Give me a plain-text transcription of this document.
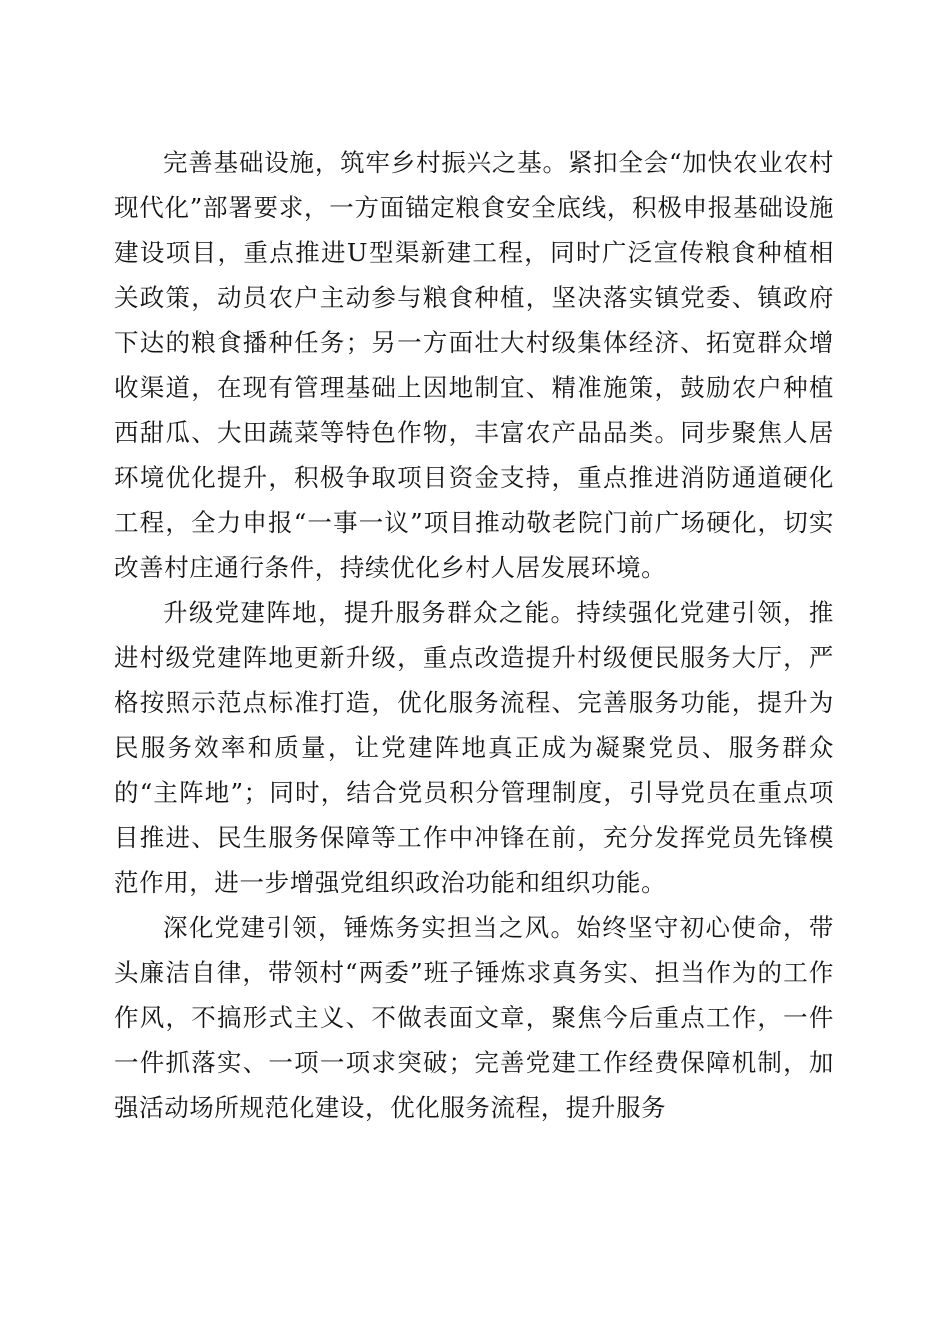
完善基础设施，筑牢乡村振兴之基。紧扣全会“加快农业农村现代化”部署要求，一方面锚定粮食安全底线，积极申报基础设施建设项目，重点推进U型渠新建工程，同时广泛宣传粮食种植相关政策，动员农户主动参与粮食种植，坚决落实镇党委、镇政府下达的粮食播种任务；另一方面壮大村级集体经济、拓宽群众增收渠道，在现有管理基础上因地制宜、精准施策，鼓励农户种植西甜瓜、大田蔬菜等特色作物，丰富农产品品类。同步聚焦人居环境优化提升，积极争取项目资金支持，重点推进消防通道硬化工程，全力申报“一事一议”项目推动敬老院门前广场硬化，切实改善村庄通行条件，持续优化乡村人居发展环境。

升级党建阵地，提升服务群众之能。持续强化党建引领，推进村级党建阵地更新升级，重点改造提升村级便民服务大厅，严格按照示范点标准打造，优化服务流程、完善服务功能，提升为民服务效率和质量，让党建阵地真正成为凝聚党员、服务群众的“主阵地”；同时，结合党员积分管理制度，引导党员在重点项目推进、民生服务保障等工作中冲锋在前，充分发挥党员先锋模范作用，进一步增强党组织政治功能和组织功能。

深化党建引领，锤炼务实担当之风。始终坚守初心使命，带头廉洁自律，带领村“两委”班子锤炼求真务实、担当作为的工作作风，不搞形式主义、不做表面文章，聚焦今后重点工作，一件一件抓落实、一项一项求突破；完善党建工作经费保障机制，加强活动场所规范化建设，优化服务流程，提升服务
